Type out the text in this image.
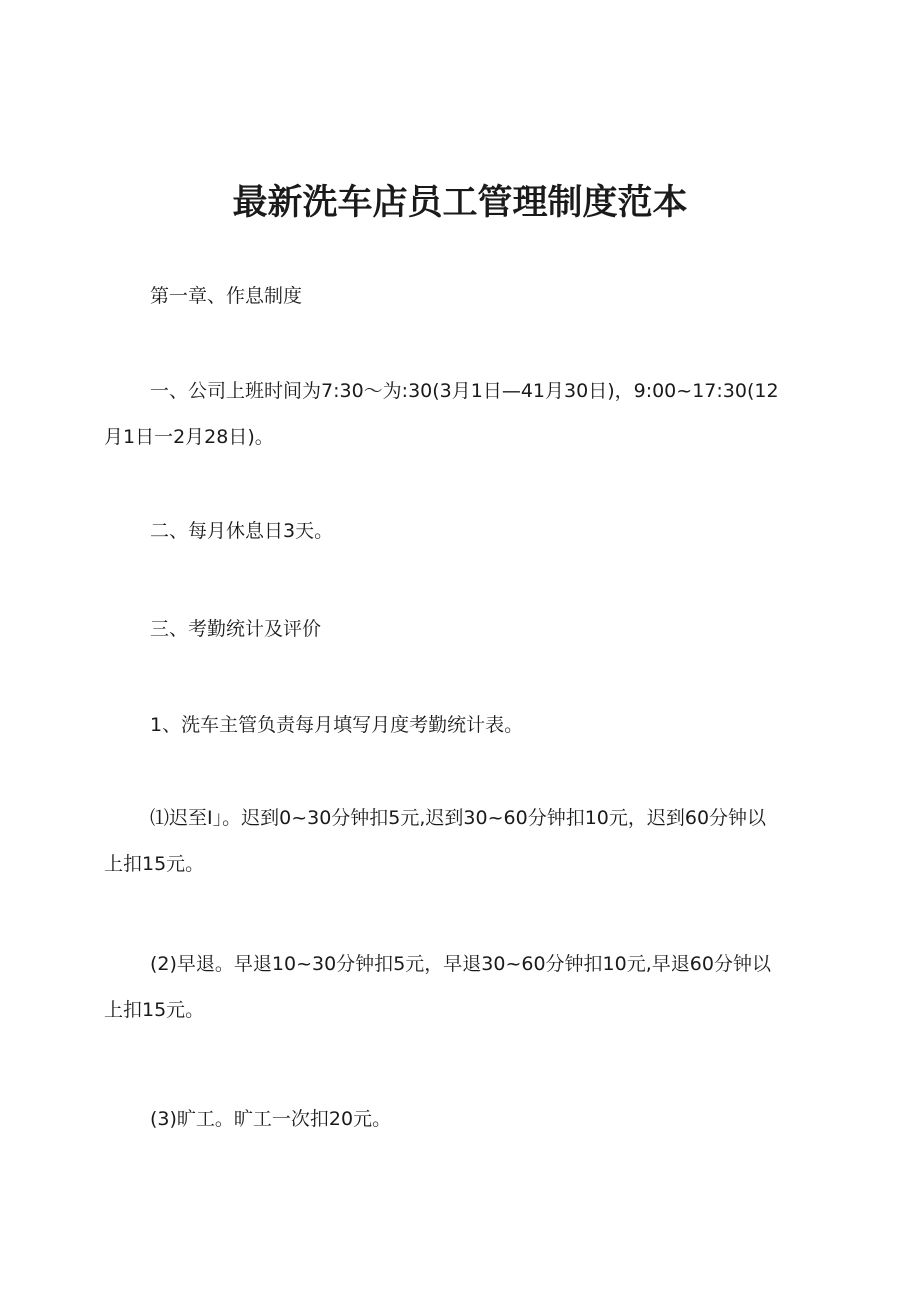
最新洗车店员工管理制度范本
第一章、作息制度
一、公司上班时间为7:30～为:30(3月1日—41月30日)，9:00~17:30(12
月1日一2月28日)。
二、每月休息日3天。
三、考勤统计及评价
1、洗车主管负责每月填写月度考勤统计表。
⑴迟至I」。迟到0~30分钟扣5元,迟到30~60分钟扣10元，迟到60分钟以
上扣15元。
(2)早退。早退10~30分钟扣5元，早退30~60分钟扣10元,早退60分钟以
上扣15元。
(3)旷工。旷工一次扣20元。
